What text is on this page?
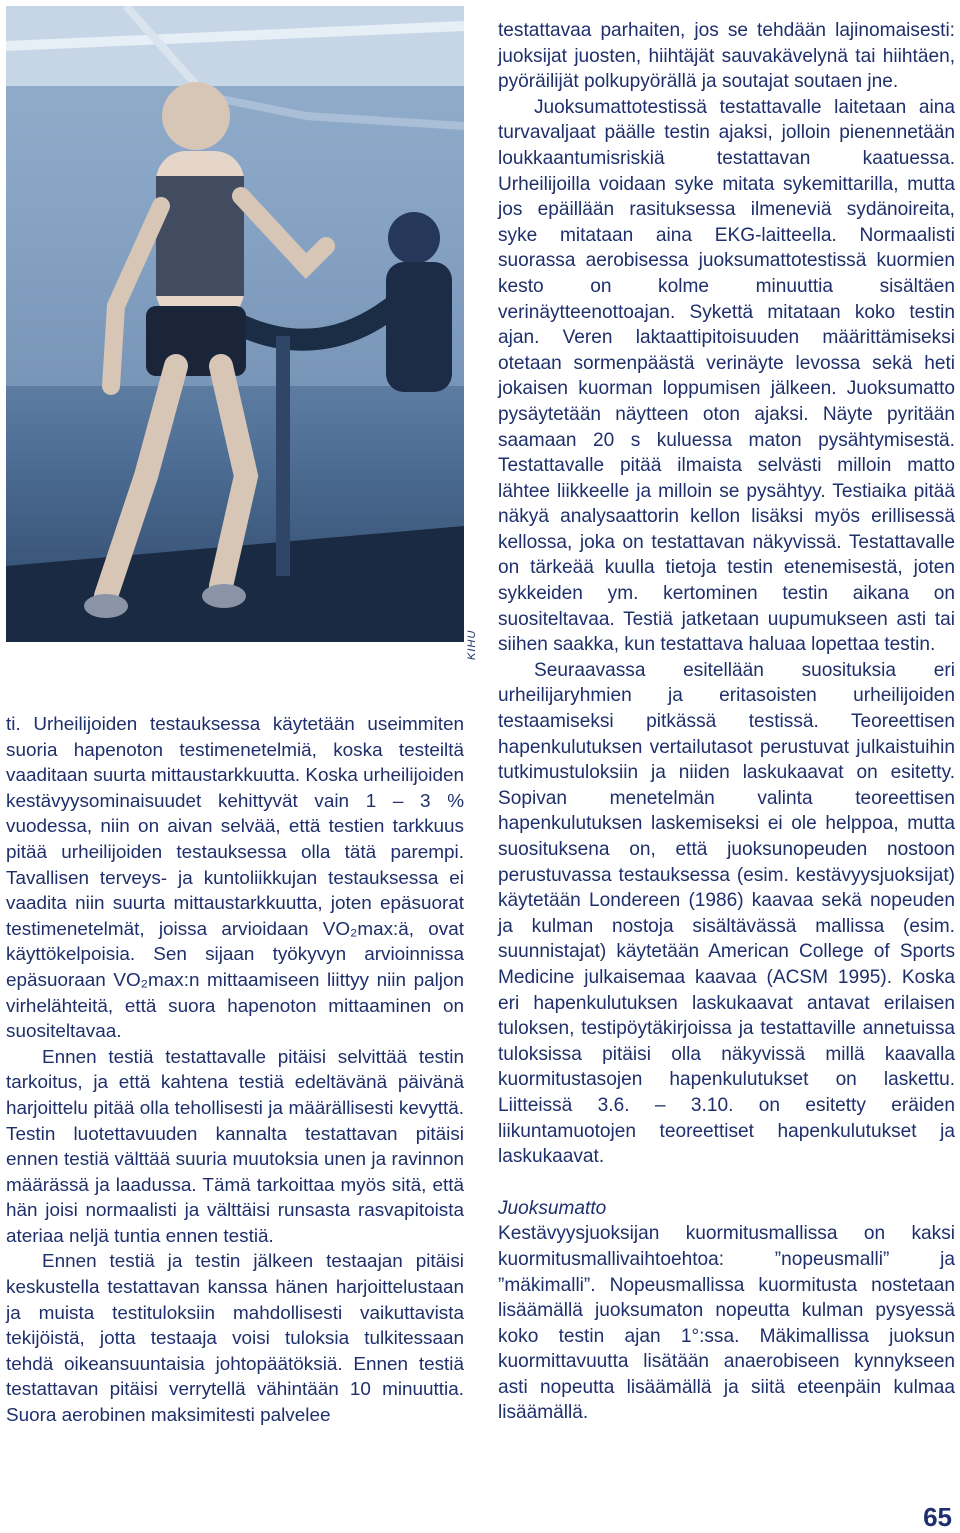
KIHU

ti. Urheilijoiden testauksessa käytetään useimmiten suoria hapenoton testimenetelmiä, koska testeiltä vaaditaan suurta mittaustarkkuutta. Koska urheilijoiden kestävyysominaisuudet kehittyvät vain 1 – 3 % vuodessa, niin on aivan selvää, että testien tarkkuus pitää urheilijoiden testauksessa olla tätä parempi. Tavallisen terveys- ja kuntoliikkujan testauksessa ei vaadita niin suurta mittaustarkkuutta, joten epäsuorat testimenetelmät, joissa arvioidaan VO₂max:ä, ovat käyttökelpoisia. Sen sijaan työkyvyn arvioinnissa epäsuoraan VO₂max:n mittaamiseen liittyy niin paljon virhelähteitä, että suora hapenoton mittaaminen on suositeltavaa.

Ennen testiä testattavalle pitäisi selvittää testin tarkoitus, ja että kahtena testiä edeltävänä päivänä harjoittelu pitää olla tehollisesti ja määrällisesti kevyttä. Testin luotettavuuden kannalta testattavan pitäisi ennen testiä välttää suuria muutoksia unen ja ravinnon määrässä ja laadussa. Tämä tarkoittaa myös sitä, että hän joisi normaalisti ja välttäisi runsasta rasvapitoista ateriaa neljä tuntia ennen testiä.

Ennen testiä ja testin jälkeen testaajan pitäisi keskustella testattavan kanssa hänen harjoittelustaan ja muista testituloksiin mahdollisesti vaikuttavista tekijöistä, jotta testaaja voisi tuloksia tulkitessaan tehdä oikeansuuntaisia johtopäätöksiä. Ennen testiä testattavan pitäisi verrytellä vähintään 10 minuuttia. Suora aerobinen maksimitesti palvelee

testattavaa parhaiten, jos se tehdään lajinomaisesti: juoksijat juosten, hiihtäjät sauvakävelynä tai hiihtäen, pyöräilijät polkupyörällä ja soutajat soutaen jne.

Juoksumattotestissä testattavalle laitetaan aina turvavaljaat päälle testin ajaksi, jolloin pienennetään loukkaantumisriskiä testattavan kaatuessa. Urheilijoilla voidaan syke mitata sykemittarilla, mutta jos epäillään rasituksessa ilmeneviä sydänoireita, syke mitataan aina EKG-laitteella. Normaalisti suorassa aerobisessa juoksumattotestissä kuormien kesto on kolme minuuttia sisältäen verinäytteenottoajan. Sykettä mitataan koko testin ajan. Veren laktaattipitoisuuden määrittämiseksi otetaan sormenpäästä verinäyte levossa sekä heti jokaisen kuorman loppumisen jälkeen. Juoksumatto pysäytetään näytteen oton ajaksi. Näyte pyritään saamaan 20 s kuluessa maton pysähtymisestä. Testattavalle pitää ilmaista selvästi milloin matto lähtee liikkeelle ja milloin se pysähtyy. Testiaika pitää näkyä analysaattorin kellon lisäksi myös erillisessä kellossa, joka on testattavan näkyvissä. Testattavalle on tärkeää kuulla tietoja testin etenemisestä, joten sykkeiden ym. kertominen testin aikana on suositeltavaa. Testiä jatketaan uupumukseen asti tai siihen saakka, kun testattava haluaa lopettaa testin.

Seuraavassa esitellään suosituksia eri urheilijaryhmien ja eritasoisten urheilijoiden testaamiseksi pitkässä testissä. Teoreettisen hapenkulutuksen vertailutasot perustuvat julkaistuihin tutkimustuloksiin ja niiden laskukaavat on esitetty. Sopivan menetelmän valinta teoreettisen hapenkulutuksen laskemiseksi ei ole helppoa, mutta suosituksena on, että juoksunopeuden nostoon perustuvassa testauksessa (esim. kestävyysjuoksijat) käytetään Londereen (1986) kaavaa sekä nopeuden ja kulman nostoja sisältävässä mallissa (esim. suunnistajat) käytetään American College of Sports Medicine julkaisemaa kaavaa (ACSM 1995). Koska eri hapenkulutuksen laskukaavat antavat erilaisen tuloksen, testipöytäkirjoissa ja testattaville annetuissa tuloksissa pitäisi olla näkyvissä millä kaavalla kuormitustasojen hapenkulutukset on laskettu. Liitteissä 3.6. – 3.10. on esitetty eräiden liikuntamuotojen teoreettiset hapenkulutukset ja laskukaavat.

Juoksumatto

Kestävyysjuoksijan kuormitusmallissa on kaksi kuormitusmallivaihtoehtoa: ”nopeusmalli” ja ”mäkimalli”. Nopeusmallissa kuormitusta nostetaan lisäämällä juoksumaton nopeutta kulman pysyessä koko testin ajan 1°:ssa. Mäkimallissa juoksun kuormittavuutta lisätään anaerobiseen kynnykseen asti nopeutta lisäämällä ja siitä eteenpäin kulmaa lisäämällä.

65
